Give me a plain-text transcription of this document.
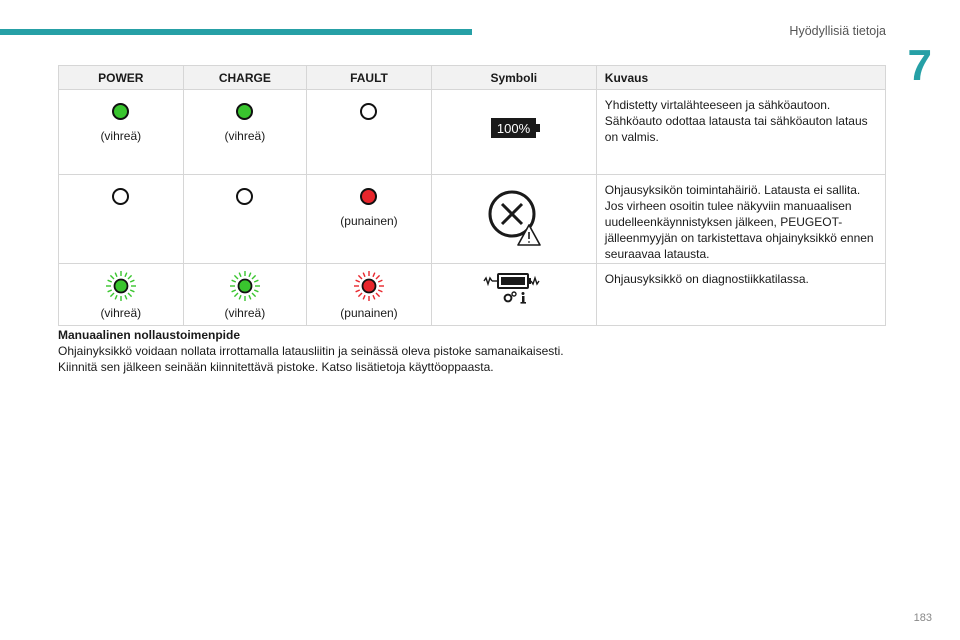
Hyödyllisiä tietoja
7
POWER	CHARGE	FAULT	Symboli	Kuvaus

(vihreä)	(vihreä)		100%	Yhdistetty virtalähteeseen ja sähköautoon. Sähköauto odottaa latausta tai sähköauton lataus on valmis.

		(punainen)		Ohjausyksikön toimintahäiriö. Latausta ei sallita. Jos virheen osoitin tulee näkyviin manuaalisen uudelleenkäynnistyksen jälkeen, PEUGEOT-jälleenmyyjän on tarkistettava ohjainyksikkö ennen seuraavaa latausta.

(vihreä)	(vihreä)	(punainen)		Ohjausyksikkö on diagnostiikkatilassa.
Manuaalinen nollaustoimenpide
Ohjainyksikkö voidaan nollata irrottamalla latausliitin ja seinässä oleva pistoke samanaikaisesti.
Kiinnitä sen jälkeen seinään kiinnitettävä pistoke. Katso lisätietoja käyttöoppaasta.
183
